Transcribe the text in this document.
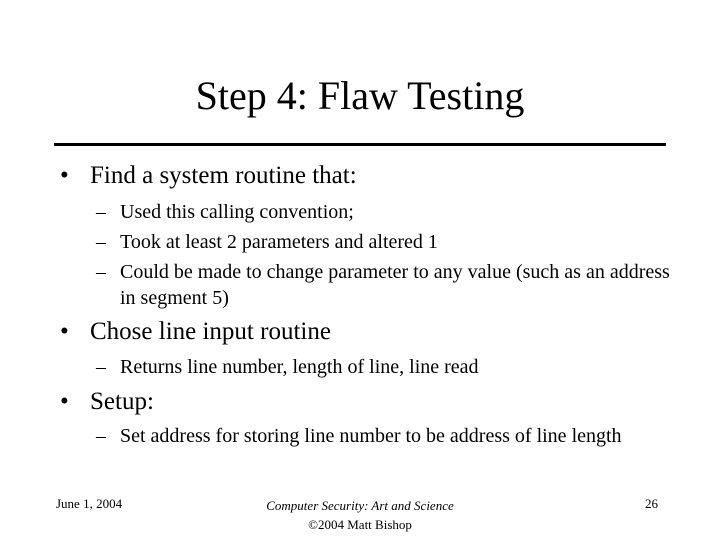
Step 4: Flaw Testing
• Find a system routine that:
– Used this calling convention;
– Took at least 2 parameters and altered 1
– Could be made to change parameter to any value (such as an address in segment 5)
• Chose line input routine
– Returns line number, length of line, line read
• Setup:
– Set address for storing line number to be address of line length
June 1, 2004	Computer Security: Art and Science
©2004 Matt Bishop
26
